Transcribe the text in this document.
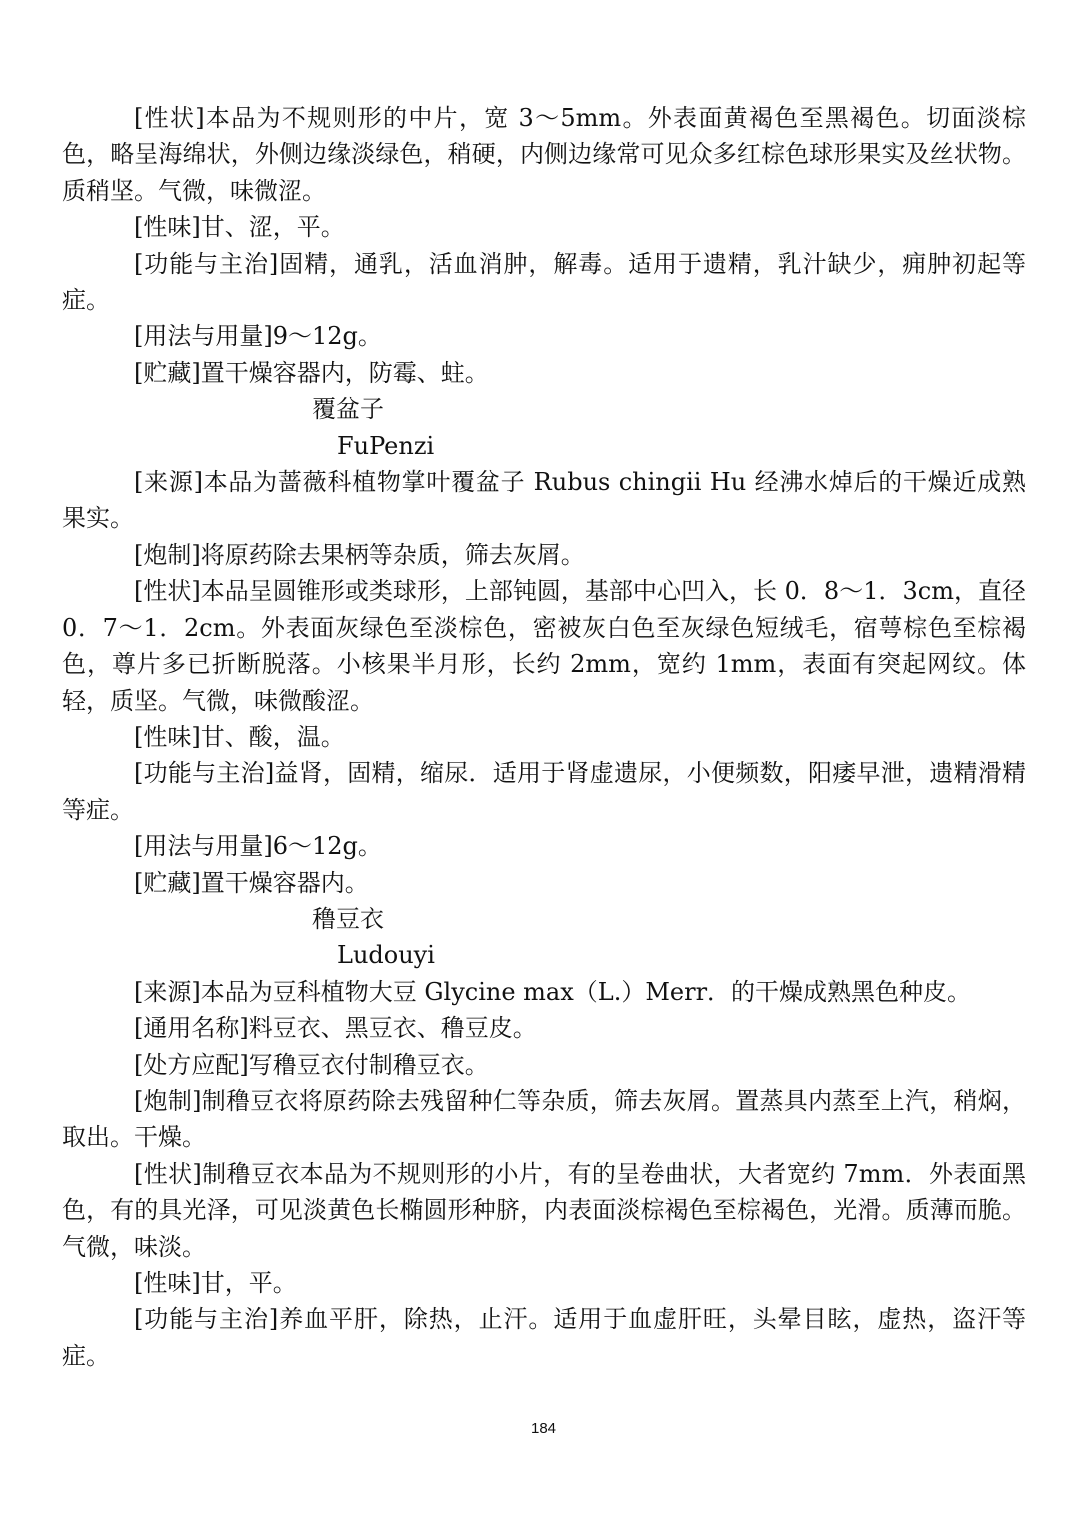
[性状]本品为不规则形的中片，宽 3～5mm。外表面黄褐色至黑褐色。切面淡棕色，略呈海绵状，外侧边缘淡绿色，稍硬，内侧边缘常可见众多红棕色球形果实及丝状物。质稍坚。气微，味微涩。

[性味]甘、涩，平。

[功能与主治]固精，通乳，活血消肿，解毒。适用于遗精，乳汁缺少，痈肿初起等症。

[用法与用量]9～12g。

[贮藏]置干燥容器内，防霉、蛀。

覆盆子

FuPenzi

[来源]本品为蔷薇科植物掌叶覆盆子 Rubus chingii Hu 经沸水焯后的干燥近成熟果实。

[炮制]将原药除去果柄等杂质，筛去灰屑。

[性状]本品呈圆锥形或类球形，上部钝圆，基部中心凹入，长 0．8～1．3cm，直径 0．7～1．2cm。外表面灰绿色至淡棕色，密被灰白色至灰绿色短绒毛，宿萼棕色至棕褐色，尊片多已折断脱落。小核果半月形，长约 2mm，宽约 1mm，表面有突起网纹。体轻，质坚。气微，味微酸涩。

[性味]甘、酸，温。

[功能与主治]益肾，固精，缩尿．适用于肾虚遗尿，小便频数，阳痿早泄，遗精滑精等症。

[用法与用量]6～12g。

[贮藏]置干燥容器内。

穞豆衣

Ludouyi

[来源]本品为豆科植物大豆 Glycine max（L.）Merr．的干燥成熟黑色种皮。

[通用名称]料豆衣、黑豆衣、穞豆皮。

[处方应配]写穞豆衣付制穞豆衣。

[炮制]制穞豆衣将原药除去残留种仁等杂质，筛去灰屑。置蒸具内蒸至上汽，稍焖，取出。干燥。

[性状]制穞豆衣本品为不规则形的小片，有的呈卷曲状，大者宽约 7mm．外表面黑色，有的具光泽，可见淡黄色长椭圆形种脐，内表面淡棕褐色至棕褐色，光滑。质薄而脆。气微，味淡。

[性味]甘，平。

[功能与主治]养血平肝，除热，止汗。适用于血虚肝旺，头晕目眩，虚热，盗汗等症。

184
